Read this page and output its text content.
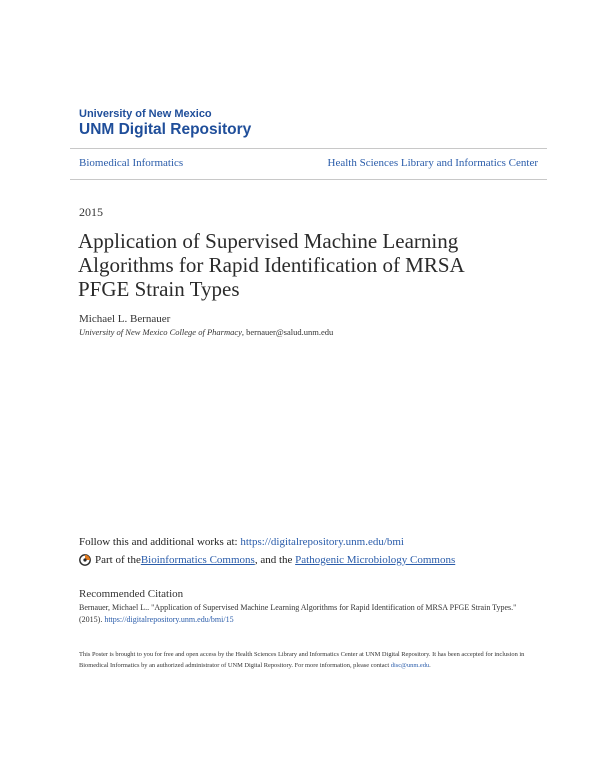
University of New Mexico
UNM Digital Repository
Biomedical Informatics	Health Sciences Library and Informatics Center
2015
Application of Supervised Machine Learning Algorithms for Rapid Identification of MRSA PFGE Strain Types
Michael L. Bernauer
University of New Mexico College of Pharmacy, bernauer@salud.unm.edu
Follow this and additional works at: https://digitalrepository.unm.edu/bmi
Part of the Bioinformatics Commons , and the Pathogenic Microbiology Commons
Recommended Citation
Bernauer, Michael L.. "Application of Supervised Machine Learning Algorithms for Rapid Identification of MRSA PFGE Strain Types." (2015). https://digitalrepository.unm.edu/bmi/15
This Poster is brought to you for free and open access by the Health Sciences Library and Informatics Center at UNM Digital Repository. It has been accepted for inclusion in Biomedical Informatics by an authorized administrator of UNM Digital Repository. For more information, please contact disc@unm.edu.
